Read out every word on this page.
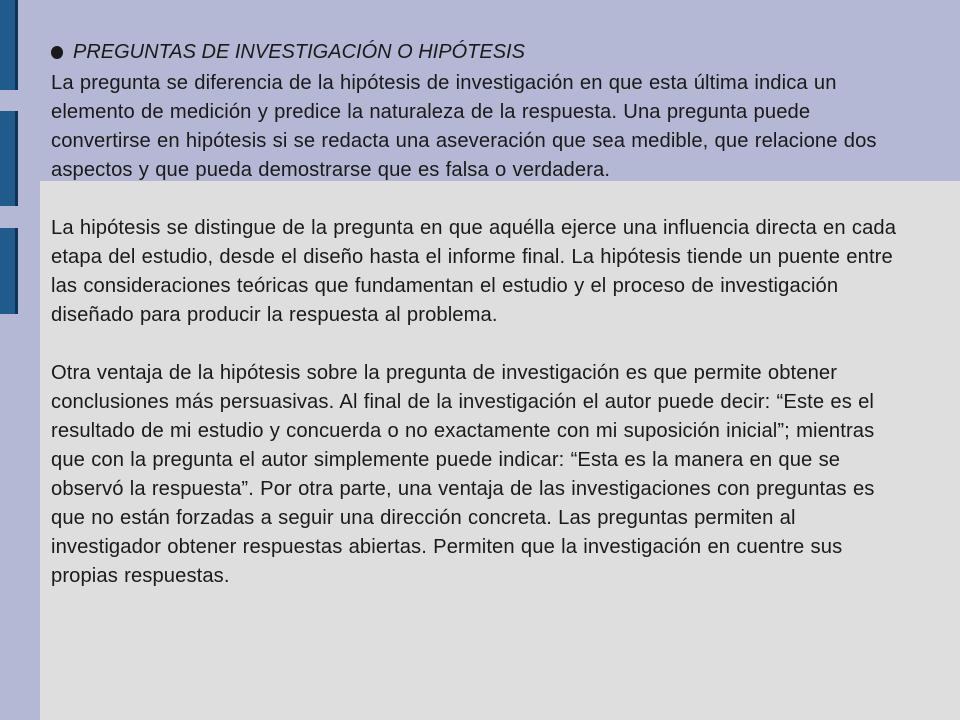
PREGUNTAS DE INVESTIGACIÓN O HIPÓTESIS

La pregunta se diferencia de la hipótesis de investigación en que esta última indica un elemento de medición y predice la naturaleza de la respuesta. Una pregunta puede convertirse en hipótesis si se redacta una aseveración que sea medible, que relacione dos aspectos y que pueda demostrarse que es falsa o verdadera.

La hipótesis se distingue de la pregunta en que aquélla ejerce una influencia directa en cada etapa del estudio, desde el diseño hasta el informe final. La hipótesis tiende un puente entre las consideraciones teóricas que fundamentan el estudio y el proceso de investigación diseñado para producir la respuesta al problema.

Otra ventaja de la hipótesis sobre la pregunta de investigación es que permite obtener conclusiones más persuasivas. Al final de la investigación el autor puede decir: “Este es el resultado de mi estudio y concuerda o no exactamente con mi suposición inicial”; mientras que con la pregunta el autor simplemente puede indicar: “Esta es la manera en que se observó la respuesta”. Por otra parte, una ventaja de las investigaciones con preguntas es que no están forzadas a seguir una dirección concreta. Las preguntas permiten al investigador obtener respuestas abiertas. Permiten que la investigación en cuentre sus propias respuestas.
